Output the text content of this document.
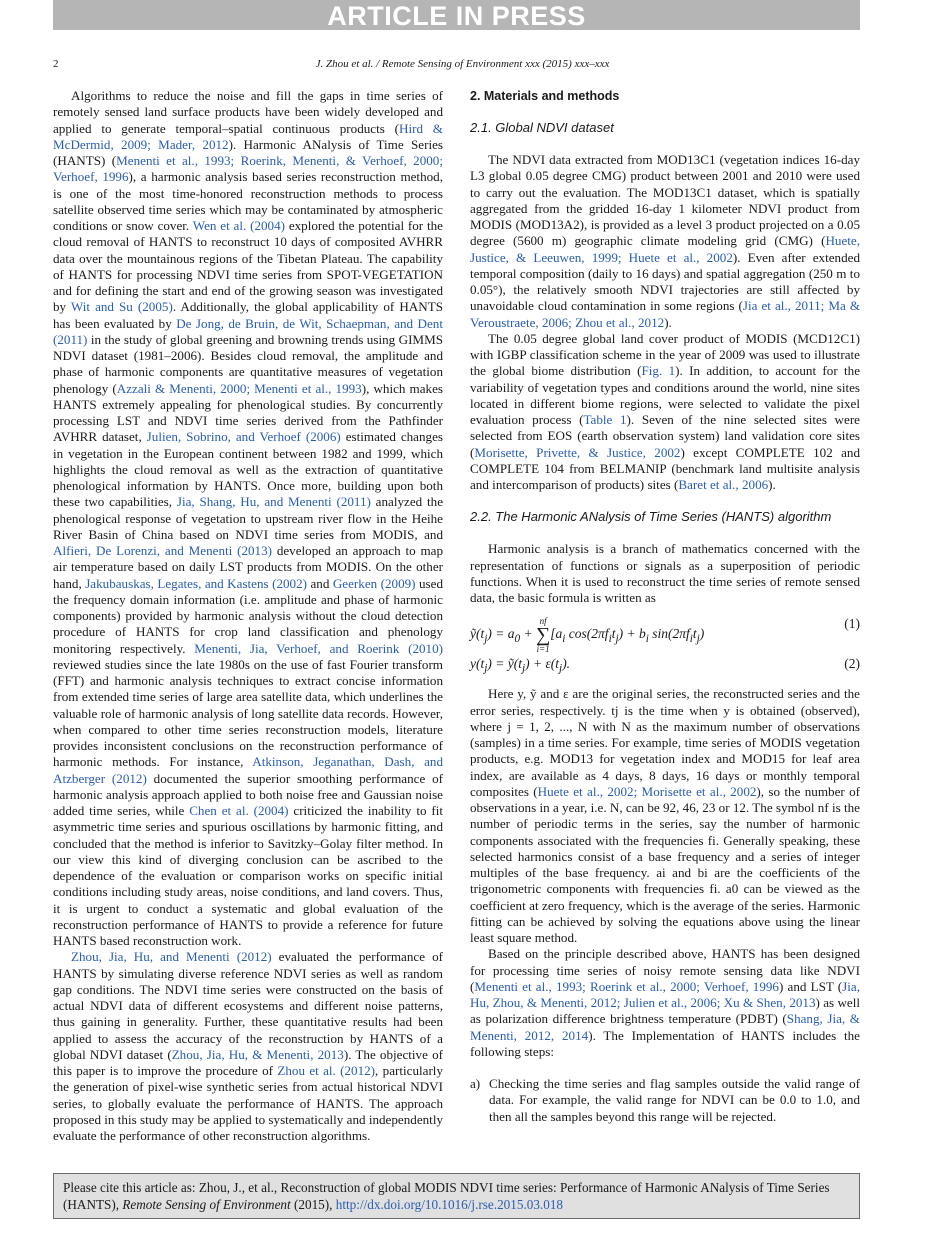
ARTICLE IN PRESS
2	J. Zhou et al. / Remote Sensing of Environment xxx (2015) xxx–xxx

Algorithms to reduce the noise and fill the gaps in time series of remotely sensed land surface products have been widely developed and applied to generate temporal–spatial continuous products (Hird & McDermid, 2009; Mader, 2012). Harmonic ANalysis of Time Series (HANTS) (Menenti et al., 1993; Roerink, Menenti, & Verhoef, 2000; Verhoef, 1996), a harmonic analysis based series reconstruction method, is one of the most time-honored reconstruction methods to process satellite observed time series which may be contaminated by atmospheric conditions or snow cover. Wen et al. (2004) explored the potential for the cloud removal of HANTS to reconstruct 10 days of composited AVHRR data over the mountainous regions of the Tibetan Plateau. The capability of HANTS for processing NDVI time series from SPOT-VEGETATION and for defining the start and end of the growing season was investigated by Wit and Su (2005). Additionally, the global applicability of HANTS has been evaluated by De Jong, de Bruin, de Wit, Schaepman, and Dent (2011) in the study of global greening and browning trends using GIMMS NDVI dataset (1981–2006). Besides cloud removal, the amplitude and phase of harmonic components are quantitative measures of vegetation phenology (Azzali & Menenti, 2000; Menenti et al., 1993), which makes HANTS extremely appealing for phenological studies. By concurrently processing LST and NDVI time series derived from the Pathfinder AVHRR dataset, Julien, Sobrino, and Verhoef (2006) estimated changes in vegetation in the European continent between 1982 and 1999, which highlights the cloud removal as well as the extraction of quantitative phenological information by HANTS. Once more, building upon both these two capabilities, Jia, Shang, Hu, and Menenti (2011) analyzed the phenological response of vegetation to upstream river flow in the Heihe River Basin of China based on NDVI time series from MODIS, and Alfieri, De Lorenzi, and Menenti (2013) developed an approach to map air temperature based on daily LST products from MODIS. On the other hand, Jakubauskas, Legates, and Kastens (2002) and Geerken (2009) used the frequency domain information (i.e. amplitude and phase of harmonic components) provided by harmonic analysis without the cloud detection procedure of HANTS for crop land classification and phenology monitoring respectively. Menenti, Jia, Verhoef, and Roerink (2010) reviewed studies since the late 1980s on the use of fast Fourier transform (FFT) and harmonic analysis techniques to extract concise information from extended time series of large area satellite data, which underlines the valuable role of harmonic analysis of long satellite data records. However, when compared to other time series reconstruction models, literature provides inconsistent conclusions on the reconstruction performance of harmonic methods. For instance, Atkinson, Jeganathan, Dash, and Atzberger (2012) documented the superior smoothing performance of harmonic analysis approach applied to both noise free and Gaussian noise added time series, while Chen et al. (2004) criticized the inability to fit asymmetric time series and spurious oscillations by harmonic fitting, and concluded that the method is inferior to Savitzky–Golay filter method. In our view this kind of diverging conclusion can be ascribed to the dependence of the evaluation or comparison works on specific initial conditions including study areas, noise conditions, and land covers. Thus, it is urgent to conduct a systematic and global evaluation of the reconstruction performance of HANTS to provide a reference for future HANTS based reconstruction work.

Zhou, Jia, Hu, and Menenti (2012) evaluated the performance of HANTS by simulating diverse reference NDVI series as well as random gap conditions. The NDVI time series were constructed on the basis of actual NDVI data of different ecosystems and different noise patterns, thus gaining in generality. Further, these quantitative results had been applied to assess the accuracy of the reconstruction by HANTS of a global NDVI dataset (Zhou, Jia, Hu, & Menenti, 2013). The objective of this paper is to improve the procedure of Zhou et al. (2012), particularly the generation of pixel-wise synthetic series from actual historical NDVI series, to globally evaluate the performance of HANTS. The approach proposed in this study may be applied to systematically and independently evaluate the performance of other reconstruction algorithms.

2. Materials and methods
2.1. Global NDVI dataset

The NDVI data extracted from MOD13C1 (vegetation indices 16-day L3 global 0.05 degree CMG) product between 2001 and 2010 were used to carry out the evaluation. The MOD13C1 dataset, which is spatially aggregated from the gridded 16-day 1 kilometer NDVI product from MODIS (MOD13A2), is provided as a level 3 product projected on a 0.05 degree (5600 m) geographic climate modeling grid (CMG) (Huete, Justice, & Leeuwen, 1999; Huete et al., 2002). Even after extended temporal composition (daily to 16 days) and spatial aggregation (250 m to 0.05°), the relatively smooth NDVI trajectories are still affected by unavoidable cloud contamination in some regions (Jia et al., 2011; Ma & Veroustraete, 2006; Zhou et al., 2012).

The 0.05 degree global land cover product of MODIS (MCD12C1) with IGBP classification scheme in the year of 2009 was used to illustrate the global biome distribution (Fig. 1). In addition, to account for the variability of vegetation types and conditions around the world, nine sites located in different biome regions, were selected to validate the pixel evaluation process (Table 1). Seven of the nine selected sites were selected from EOS (earth observation system) land validation core sites (Morisette, Privette, & Justice, 2002) except COMPLETE 102 and COMPLETE 104 from BELMANIP (benchmark land multisite analysis and intercomparison of products) sites (Baret et al., 2006).

2.2. The Harmonic ANalysis of Time Series (HANTS) algorithm

Harmonic analysis is a branch of mathematics concerned with the representation of functions or signals as a superposition of periodic functions. When it is used to reconstruct the time series of remote sensed data, the basic formula is written as

$ỹ(t_j) = a_0$ +
nf
∑
i=1
[$a_i$ $\cos(2\pi f_it_j) + b_i$ $\sin(2\pi f_it_j)$
(1)
$y(t_j)$ = $ỹ(t_j) + \varepsilon(t_j)$.	(2)

Here y, ỹ and ε are the original series, the reconstructed series and the error series, respectively. tj is the time when y is obtained (observed), where j = 1, 2, ..., N with N as the maximum number of observations (samples) in a time series. For example, time series of MODIS vegetation products, e.g. MOD13 for vegetation index and MOD15 for leaf area index, are available as 4 days, 8 days, 16 days or monthly temporal composites (Huete et al., 2002; Morisette et al., 2002), so the number of observations in a year, i.e. N, can be 92, 46, 23 or 12. The symbol nf is the number of periodic terms in the series, say the number of harmonic components associated with the frequencies fi. Generally speaking, these selected harmonics consist of a base frequency and a series of integer multiples of the base frequency. ai and bi are the coefficients of the trigonometric components with frequencies fi. a0 can be viewed as the coefficient at zero frequency, which is the average of the series. Harmonic fitting can be achieved by solving the equations above using the linear least square method.

Based on the principle described above, HANTS has been designed for processing time series of noisy remote sensing data like NDVI (Menenti et al., 1993; Roerink et al., 2000; Verhoef, 1996) and LST (Jia, Hu, Zhou, & Menenti, 2012; Julien et al., 2006; Xu & Shen, 2013) as well as polarization difference brightness temperature (PDBT) (Shang, Jia, & Menenti, 2012, 2014). The Implementation of HANTS includes the following steps:

a) Checking the time series and flag samples outside the valid range of data. For example, the valid range for NDVI can be 0.0 to 1.0, and then all the samples beyond this range will be rejected.
Please cite this article as: Zhou, J., et al., Reconstruction of global MODIS NDVI time series: Performance of Harmonic ANalysis of Time Series (HANTS), Remote Sensing of Environment (2015), http://dx.doi.org/10.1016/j.rse.2015.03.018
